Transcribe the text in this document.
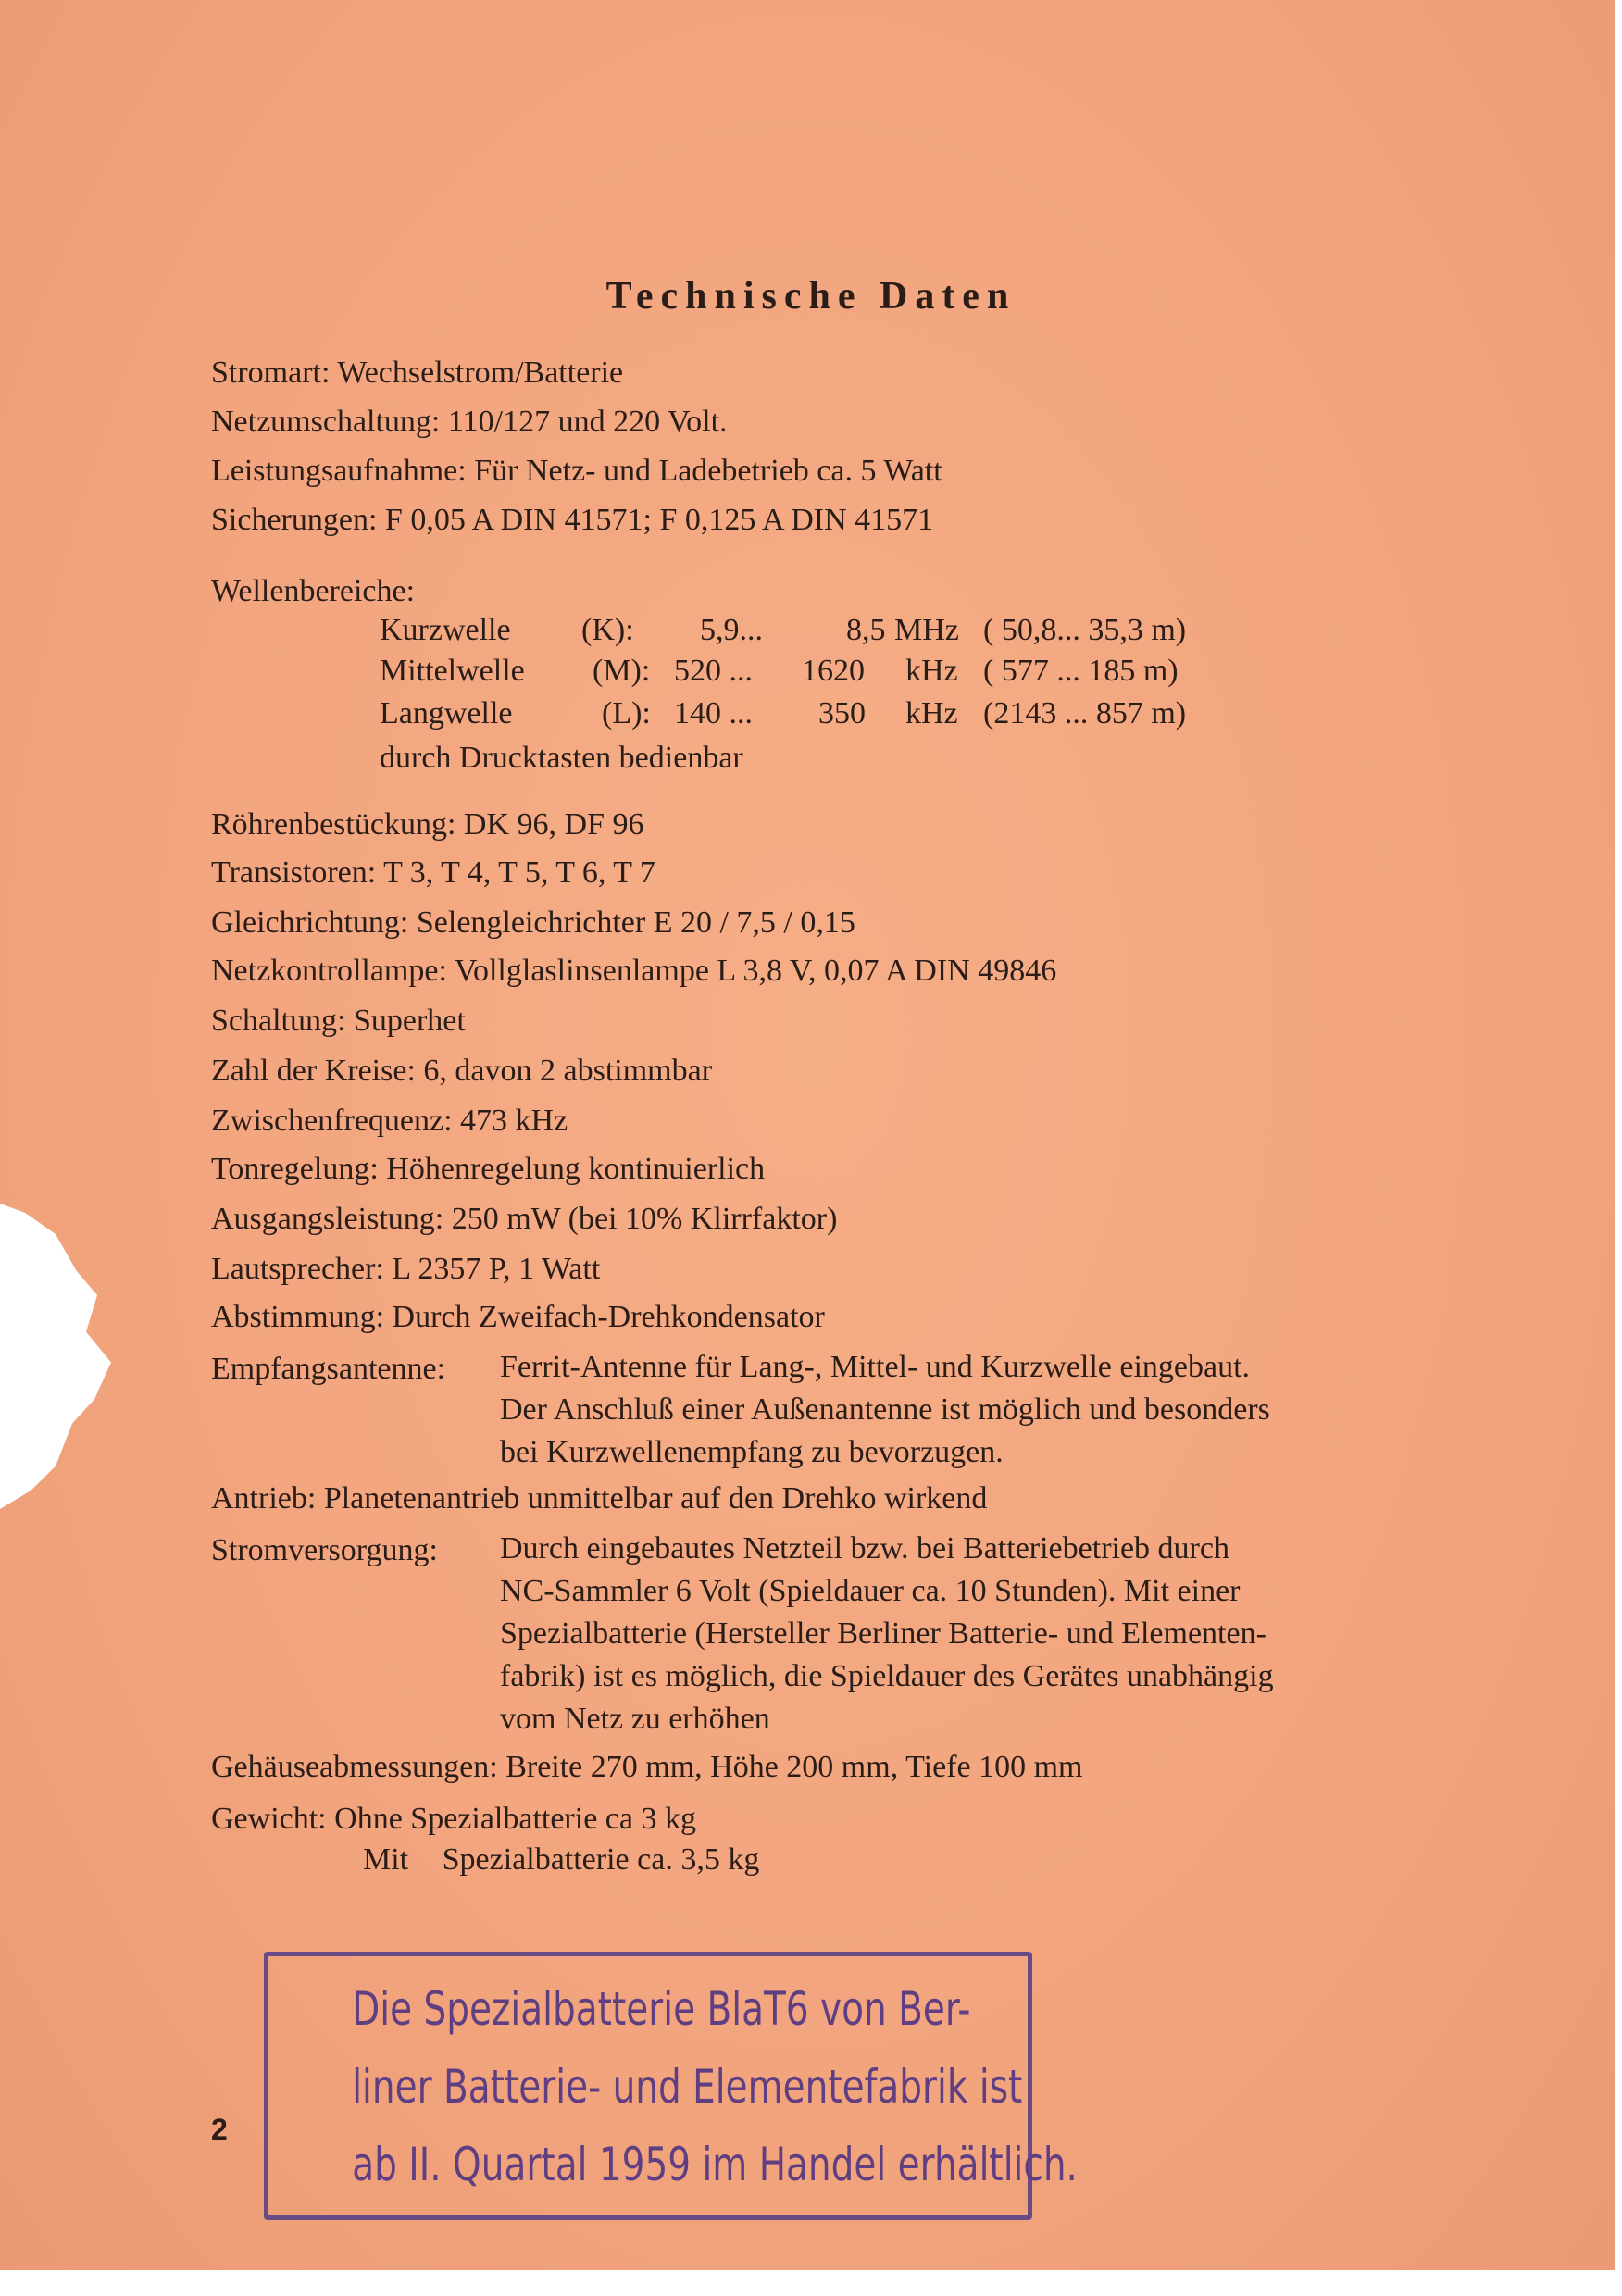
Technische Daten
Stromart: Wechselstrom/Batterie
Netzumschaltung: 110/127 und 220 Volt.
Leistungsaufnahme: Für Netz- und Ladebetrieb ca. 5 Watt
Sicherungen: F 0,05 A DIN 41571; F 0,125 A DIN 41571
Wellenbereiche:
Kurzwelle (K): 5,9...	8,5 MHz ( 50,8... 35,3 m)
Mittelwelle (M): 520 ... 1620 kHz ( 577 ... 185 m)
Langwelle	(L): 140 ... 350 kHz (2143 ... 857 m)
durch Drucktasten bedienbar
Röhrenbestückung: DK 96, DF 96
Transistoren: T 3, T 4, T 5, T 6, T 7
Gleichrichtung: Selengleichrichter E 20 / 7,5 / 0,15
Netzkontrollampe: Vollglaslinsenlampe L 3,8 V, 0,07 A DIN 49846
Schaltung: Superhet
Zahl der Kreise: 6, davon 2 abstimmbar
Zwischenfrequenz: 473 kHz
Tonregelung: Höhenregelung kontinuierlich
Ausgangsleistung: 250 mW (bei 10% Klirrfaktor)
Lautsprecher: L 2357 P, 1 Watt
Abstimmung: Durch Zweifach-Drehkondensator
Empfangsantenne: Ferrit-Antenne für Lang-, Mittel- und Kurzwelle eingebaut.
Der Anschluß einer Außenantenne ist möglich und besonders
bei Kurzwellenempfang zu bevorzugen.
Antrieb: Planetenantrieb unmittelbar auf den Drehko wirkend
Stromversorgung: Durch eingebautes Netzteil bzw. bei Batteriebetrieb durch
NC-Sammler 6 Volt (Spieldauer ca. 10 Stunden). Mit einer
Spezialbatterie (Hersteller Berliner Batterie- und Elementen-
fabrik) ist es möglich, die Spieldauer des Gerätes unabhängig
vom Netz zu erhöhen
Gehäuseabmessungen: Breite 270 mm, Höhe 200 mm, Tiefe 100 mm
Gewicht: Ohne Spezialbatterie ca 3 kg
Mit Spezialbatterie ca. 3,5 kg
Die Spezialbatterie BlaT6 von Ber-
liner Batterie- und Elementefabrik ist
ab II. Quartal 1959 im Handel erhältlich.
2
